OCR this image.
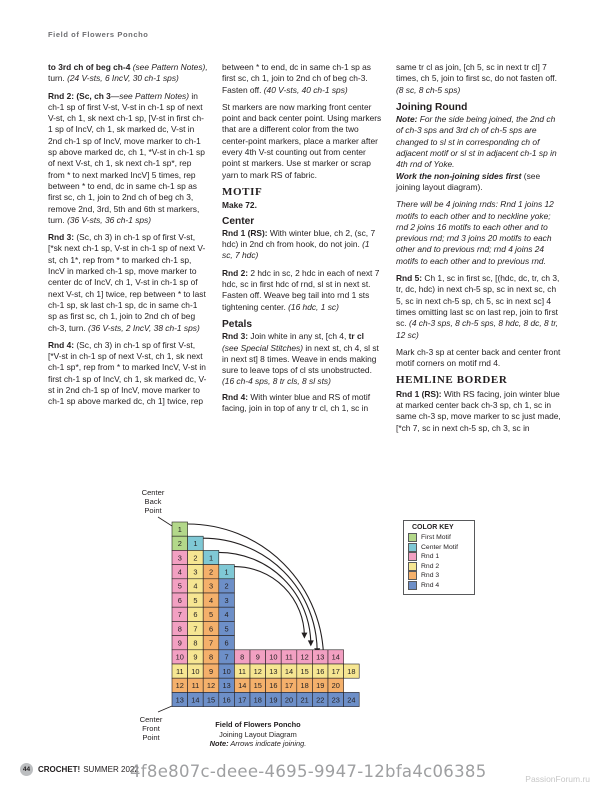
Field of Flowers Poncho

to 3rd ch of beg ch-4 (see Pattern Notes), turn. (24 V-sts, 6 IncV, 30 ch-1 sps)

Rnd 2: (Sc, ch 3—see Pattern Notes) in ch-1 sp of first V-st, V-st in ch-1 sp of next V-st, ch 1, sk next ch-1 sp, [V-st in first ch-1 sp of IncV, ch 1, sk marked dc, V-st in 2nd ch-1 sp of IncV, move marker to ch-1 sp above marked dc, ch 1, *V-st in ch-1 sp of next V-st, ch 1, sk next ch-1 sp*, rep from * to next marked IncV] 5 times, rep between * to end, dc in same ch-1 sp as first sc, ch 1, join to 2nd ch of beg ch 3, remove 2nd, 3rd, 5th and 6th st markers, turn. (36 V-sts, 36 ch-1 sps)

Rnd 3: (Sc, ch 3) in ch-1 sp of first V-st, [*sk next ch-1 sp, V-st in ch-1 sp of next V-st, ch 1*, rep from * to marked ch-1 sp, IncV in marked ch-1 sp, move marker to center dc of IncV, ch 1, V-st in ch-1 sp of next V-st, ch 1] twice, rep between * to last ch-1 sp, sk last ch-1 sp, dc in same ch-1 sp as first sc, ch 1, join to 2nd ch of beg ch-3, turn. (36 V-sts, 2 IncV, 38 ch-1 sps)

Rnd 4: (Sc, ch 3) in ch-1 sp of first V-st, [*V-st in ch-1 sp of next V-st, ch 1, sk next ch-1 sp*, rep from * to marked IncV, V-st in first ch-1 sp of IncV, ch 1, sk marked dc, V-st in 2nd ch-1 sp of IncV, move marker to ch-1 sp above marked dc, ch 1] twice, rep

between * to end, dc in same ch-1 sp as first sc, ch 1, join to 2nd ch of beg ch-3. Fasten off. (40 V-sts, 40 ch-1 sps)

St markers are now marking front center point and back center point. Using markers that are a different color from the two center-point markers, place a marker after every 4th V-st counting out from center point st markers. Use st marker or scrap yarn to mark RS of fabric.

MOTIF

Make 72.

Center

Rnd 1 (RS): With winter blue, ch 2, (sc, 7 hdc) in 2nd ch from hook, do not join. (1 sc, 7 hdc)

Rnd 2: 2 hdc in sc, 2 hdc in each of next 7 hdc, sc in first hdc of rnd, sl st in next st. Fasten off. Weave beg tail into rnd 1 sts tightening center. (16 hdc, 1 sc)

Petals

Rnd 3: Join white in any st, [ch 4, tr cl (see Special Stitches) in next st, ch 4, sl st in next st] 8 times. Weave in ends making sure to leave tops of cl sts unobstructed. (16 ch-4 sps, 8 tr cls, 8 sl sts)

Rnd 4: With winter blue and RS of motif facing, join in top of any tr cl, ch 1, sc in

same tr cl as join, [ch 5, sc in next tr cl] 7 times, ch 5, join to first sc, do not fasten off. (8 sc, 8 ch-5 sps)

Joining Round

Note: For the side being joined, the 2nd ch of ch-3 sps and 3rd ch of ch-5 sps are changed to sl st in corresponding ch of adjacent motif or sl st in adjacent ch-1 sp in 4th rnd of Yoke.

Work the non-joining sides first (see joining layout diagram).

There will be 4 joining rnds: Rnd 1 joins 12 motifs to each other and to neckline yoke; rnd 2 joins 16 motifs to each other and to previous rnd; rnd 3 joins 20 motifs to each other and to previous rnd; rnd 4 joins 24 motifs to each other and to previous rnd.

Rnd 5: Ch 1, sc in first sc, [(hdc, dc, tr, ch 3, tr, dc, hdc) in next ch-5 sp, sc in next sc, ch 5, sc in next ch-5 sp, ch 5, sc in next sc] 4 times omitting last sc on last rep, join to first sc. (4 ch-3 sps, 8 ch-5 sps, 8 hdc, 8 dc, 8 tr, 12 sc)

Mark ch-3 sp at center back and center front motif corners on motif rnd 4.

HEMLINE BORDER

Rnd 1 (RS): With RS facing, join winter blue at marked center back ch-3 sp, ch 1, sc in same ch-3 sp, move marker to sc just made, [*ch 7, sc in next ch-5 sp, ch 3, sc in

1
2 1
3 2 1
4 3 2 1
5 4 3 2
6 5 4 3
7 6 5 4
8 7 6 5
9 8 7 6
10 9 8 7 8 9 10 11 12 13 14
11 10 9 10 11 12 13 14 15 16 17 18
12 11 12 13 14 15 16 17 18 19 20
13 14 15 16 17 18 19 20 21 22 23 24
Center
Back
Point
Center
Front
Point
Field of Flowers Poncho
Joining Layout Diagram
Note: Arrows indicate joining.
COLOR KEY
First Motif
Center Motif
Rnd 1
Rnd 2
Rnd 3
Rnd 4
44 CROCHET! SUMMER 2022
4f8e807c-deee-4695-9947-12bfa4c06385	PassionForum.ru
